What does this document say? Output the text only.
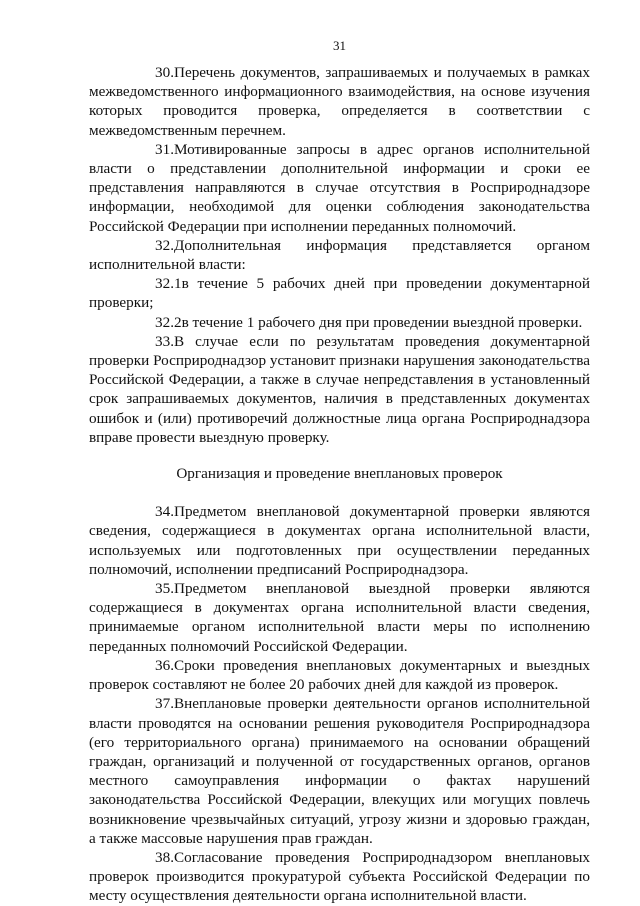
31

30.Перечень документов, запрашиваемых и получаемых в рамках межведомственного информационного взаимодействия, на основе изучения которых проводится проверка, определяется в соответствии с межведомственным перечнем.

31.Мотивированные запросы в адрес органов исполнительной власти о представлении дополнительной информации и сроки ее представления направляются в случае отсутствия в Росприроднадзоре информации, необходимой для оценки соблюдения законодательства Российской Федерации при исполнении переданных полномочий.

32.Дополнительная информация представляется органом исполнительной власти:

32.1в течение 5 рабочих дней при проведении документарной проверки;

32.2в течение 1 рабочего дня при проведении выездной проверки.

33.В случае если по результатам проведения документарной проверки Росприроднадзор установит признаки нарушения законодательства Российской Федерации, а также в случае непредставления в установленный срок запрашиваемых документов, наличия в представленных документах ошибок и (или) противоречий должностные лица органа Росприроднадзора вправе провести выездную проверку.

Организация и проведение внеплановых проверок

34.Предметом внеплановой документарной проверки являются сведения, содержащиеся в документах органа исполнительной власти, используемых или подготовленных при осуществлении переданных полномочий, исполнении предписаний Росприроднадзора.

35.Предметом внеплановой выездной проверки являются содержащиеся в документах органа исполнительной власти сведения, принимаемые органом исполнительной власти меры по исполнению переданных полномочий Российской Федерации.

36.Сроки проведения внеплановых документарных и выездных проверок составляют не более 20 рабочих дней для каждой из проверок.

37.Внеплановые проверки деятельности органов исполнительной власти проводятся на основании решения руководителя Росприроднадзора (его территориального органа) принимаемого на основании обращений граждан, организаций и полученной от государственных органов, органов местного самоуправления информации о фактах нарушений законодательства Российской Федерации, влекущих или могущих повлечь возникновение чрезвычайных ситуаций, угрозу жизни и здоровью граждан, а также массовые нарушения прав граждан.

38.Согласование проведения Росприроднадзором внеплановых проверок производится прокуратурой субъекта Российской Федерации по месту осуществления деятельности органа исполнительной власти.
